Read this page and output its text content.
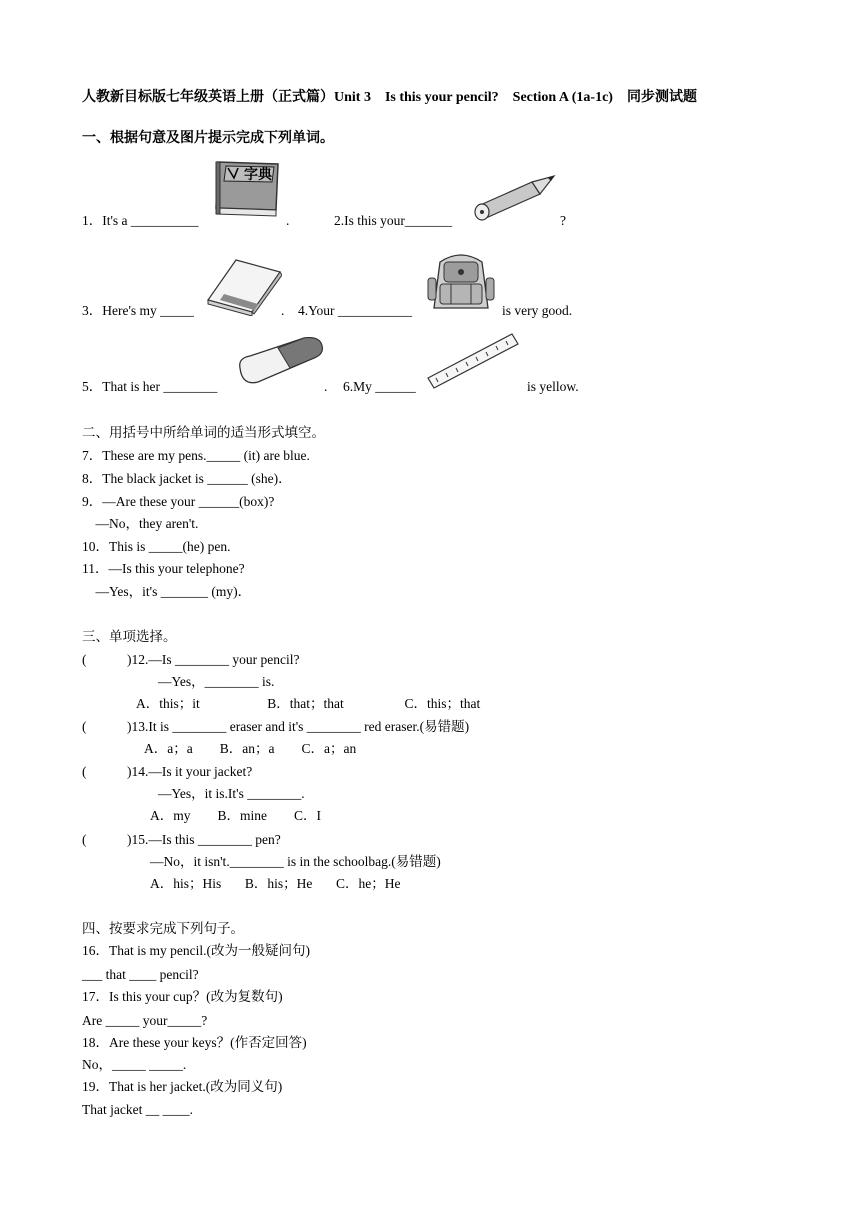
人教新目标版七年级英语上册（正式篇）Unit 3　Is this your pencil?　Section A (1a-1c)　同步测试题
一、根据句意及图片提示完成下列单词。
1．It's a __________
字典
.	2.Is this your_______	?
3．Here's my _____	. 4.Your ___________	is very good.
5．That is her ________	. 6.My ______	is yellow.
二、用括号中所给单词的适当形式填空。
7．These are my pens._____ (it) are blue.
8．The black jacket is ______ (she)．
9．—Are these your ______(box)?
—No，they aren't.
10．This is _____(he) pen.
11．—Is this your telephone?
—Yes，it's _______ (my)．
三、单项选择。
(　　　)12.—Is ________ your pencil?
—Yes，________ is.
A．this；it                    B．that；that                  C．this；that
(　　　)13.It is ________ eraser and it's ________ red eraser.(易错题)
A．a；a        B．an；a        C．a；an
(　　　)14.—Is it your jacket?
—Yes，it is.It's ________.
A．my        B．mine        C．I
(　　　)15.—Is this ________ pen?
—No，it isn't.________ is in the schoolbag.(易错题)
A．his；His       B．his；He       C．he；He
四、按要求完成下列句子。
16．That is my pencil.(改为一般疑问句)
___ that ____ pencil?
17．Is this your cup？(改为复数句)
Are _____ your_____?
18．Are these your keys？(作否定回答)
No，_____ _____.
19．That is her jacket.(改为同义句)
That jacket __ ____.
